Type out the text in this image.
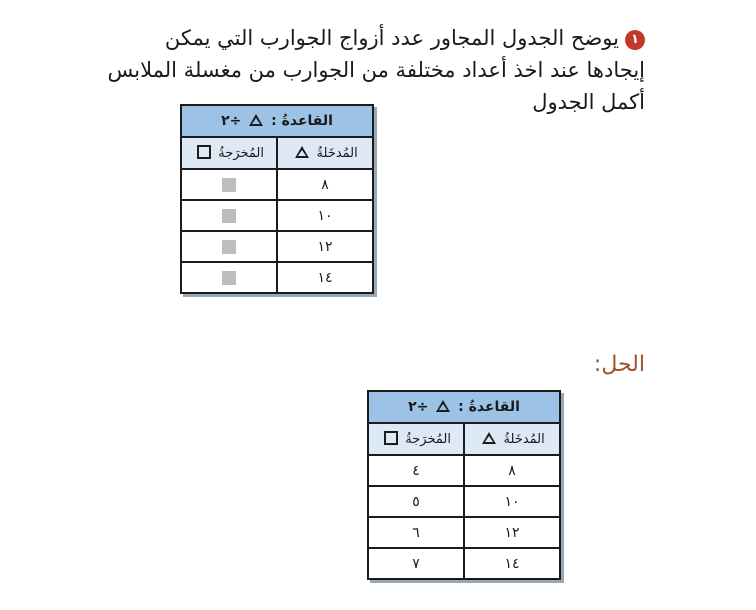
١يوضح الجدول المجاور عدد أزواج الجوارب التي يمكن إيجادها عند اخذ أعداد مختلفة من الجوارب من مغسلة الملابس أكمل الجدول
القاعدةُ :  ÷٢	
المُدخَلةُ	المُخرَجةُ
٨	
١٠	
١٢	
١٤	
الحل:
القاعدةُ :  ÷٢	
المُدخَلةُ	المُخرَجةُ
٨	٤
١٠	٥
١٢	٦
١٤	٧
